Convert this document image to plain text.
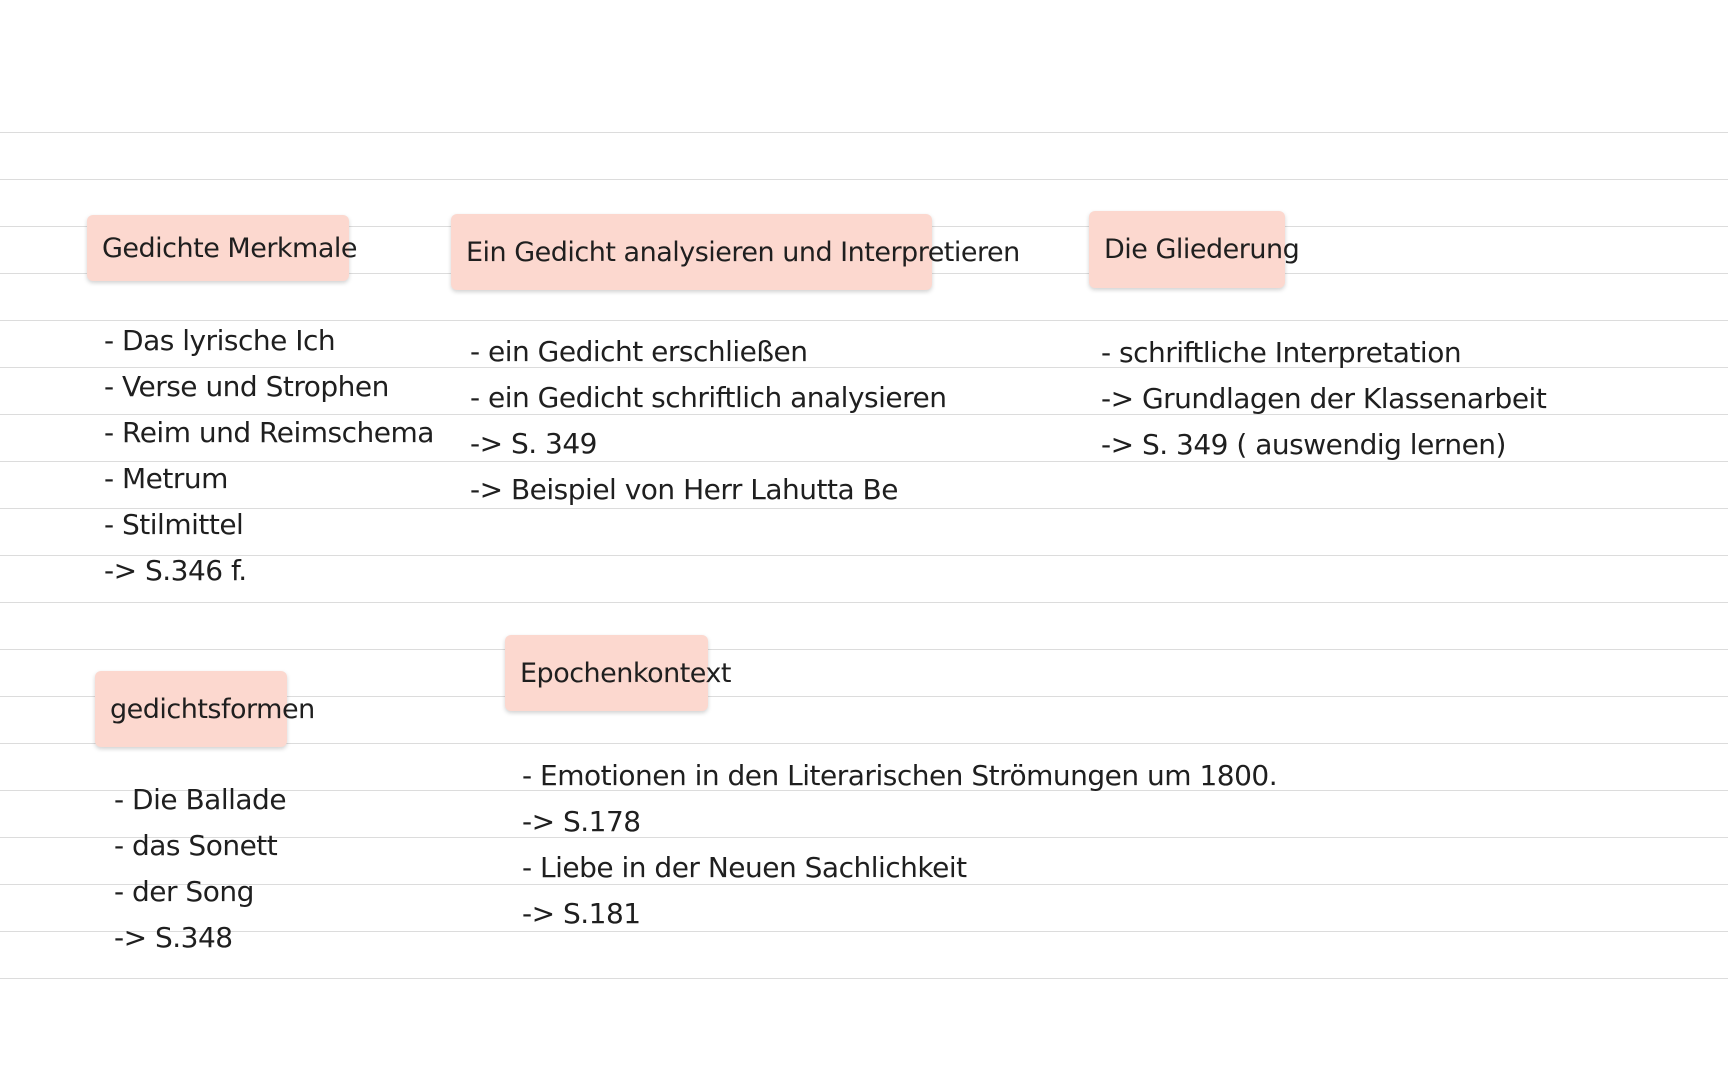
Gedichte Merkmale
- Das lyrische Ich
- Verse und Strophen
- Reim und Reimschema
- Metrum
- Stilmittel
-> S.346 f.
Ein Gedicht analysieren und Interpretieren
- ein Gedicht erschließen
- ein Gedicht schriftlich analysieren
-> S. 349
-> Beispiel von Herr Lahutta Be
Die Gliederung
- schriftliche Interpretation
-> Grundlagen der Klassenarbeit
-> S. 349 ( auswendig lernen)
gedichtsformen
- Die Ballade
- das Sonett
- der Song
-> S.348
Epochenkontext
- Emotionen in den Literarischen Strömungen um 1800.
-> S.178
- Liebe in der Neuen Sachlichkeit
-> S.181
